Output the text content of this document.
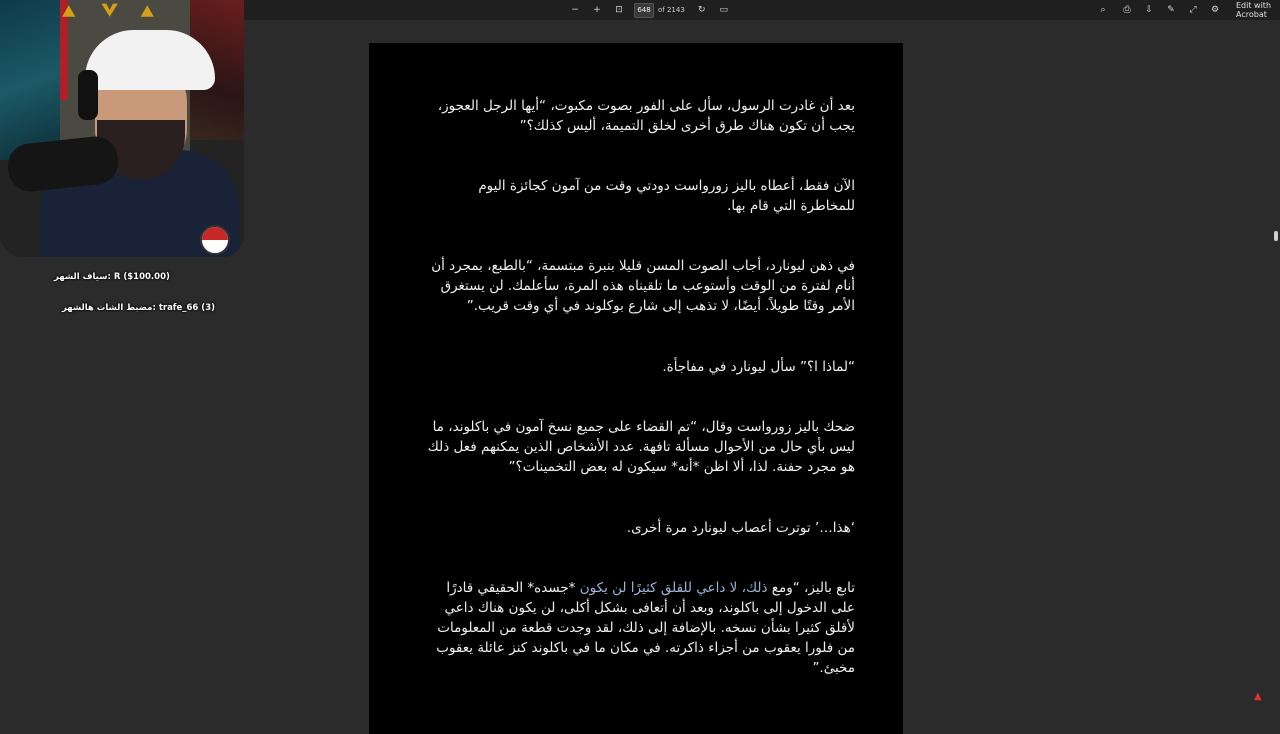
−	+	⊡
648	of 2143	↻	▭	⌕	⎙	⇩	✎	⤢	⚙	Edit with Acrobat
بعد أن غادرت الرسول، سأل على الفور بصوت مكبوت، “أيها الرجل العجوز، يجب أن تكون هناك طرق أخرى لخلق التميمة، أليس كذلك؟”
الآن فقط، أعطاه باليز زورواست دودتي وقت من آمون كجائزة اليوم للمخاطرة التي قام بها.
في ذهن ليونارد، أجاب الصوت المسن قليلا بنبرة مبتسمة، “بالطبع، بمجرد أن أنام لفترة من الوقت وأستوعب ما تلقيناه هذه المرة، سأعلمك. لن يستغرق الأمر وقتًا طويلاً. أيضًا، لا تذهب إلى شارع بوكلوند في أي وقت قريب.”
“لماذا ا؟” سأل ليونارد في مفاجأة.
ضحك باليز زورواست وقال، “تم القضاء على جميع نسخ آمون في باكلوند، ما ليس بأي حال من الأحوال مسألة تافهة. عدد الأشخاص الذين يمكنهم فعل ذلك هو مجرد حفنة. لذا، ألا اظن *أنه* سيكون له بعض التخمينات؟”
‘هذا…’ توترت أعصاب ليونارد مرة أخرى.
تابع باليز، “ومع ذلك، لا داعي للقلق كثيرًا لن يكون *جسده* الحقيقي قادرًا على الدخول إلى باكلوند، وبعد أن أتعافى بشكل أكلى، لن يكون هناك داعي لأقلق كثيرا بشأن نسخه. بالإضافة إلى ذلك، لقد وجدت قطعة من المعلومات من فلورا يعقوب من أجزاء ذاكرته. في مكان ما في باكلوند كنز عائلة يعقوب مخبئ.”
▲
R ($100.00) :سياف الشهر
trafe_66 (3) :مضبط الشات هالشهر
